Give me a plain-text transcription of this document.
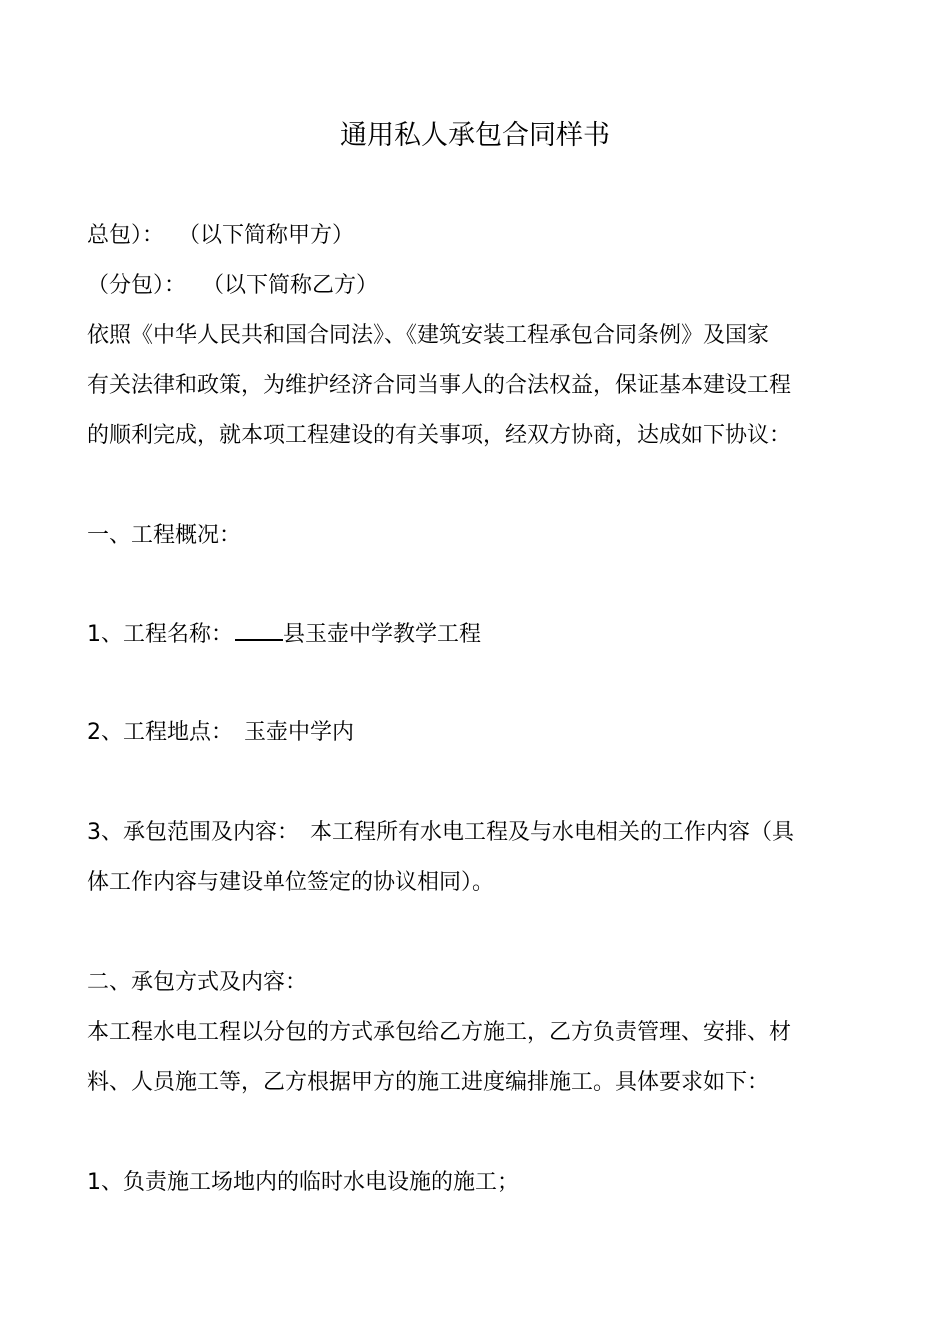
通用私人承包合同样书
总包）： （以下简称甲方）
（分包）： （以下简称乙方）
依照《中华人民共和国合同法》、《建筑安装工程承包合同条例》及国家
有关法律和政策，为维护经济合同当事人的合法权益，保证基本建设工程
的顺利完成，就本项工程建设的有关事项，经双方协商，达成如下协议：
一、工程概况：
1、工程名称： 县玉壶中学教学工程
2、工程地点：　玉壶中学内
3、承包范围及内容：　本工程所有水电工程及与水电相关的工作内容（具
体工作内容与建设单位签定的协议相同）。
二、承包方式及内容：
本工程水电工程以分包的方式承包给乙方施工，乙方负责管理、安排、材
料、人员施工等，乙方根据甲方的施工进度编排施工。具体要求如下：
1、负责施工场地内的临时水电设施的施工；
